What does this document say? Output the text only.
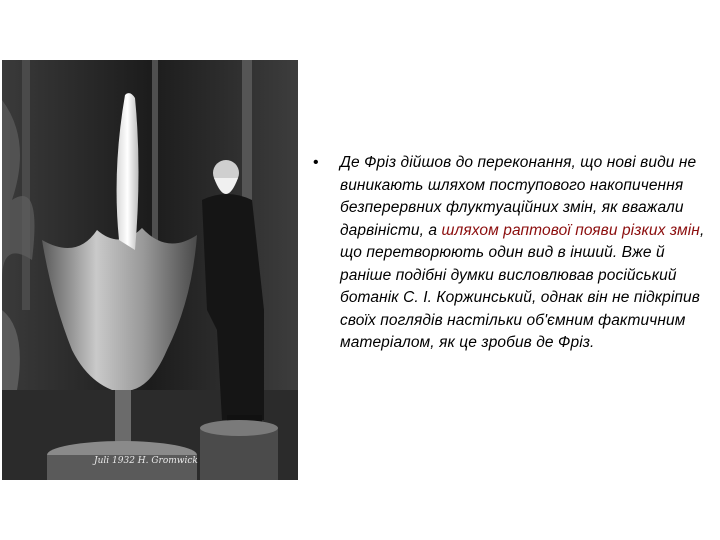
Juli 1932 H. Gromwick
• Де Фріз дійшов до переконання, що нові види не виникають шляхом поступового накопичення безперервних флуктуаційних змін, як вважали дарвіністи, а шляхом раптової появи різких змін, що перетворюють один вид в інший. Вже й раніше подібні думки висловлював російський ботанік С. І. Коржинський, однак він не підкріпив своїх поглядів настільки об'ємним фактичним матеріалом, як це зробив де Фріз.
